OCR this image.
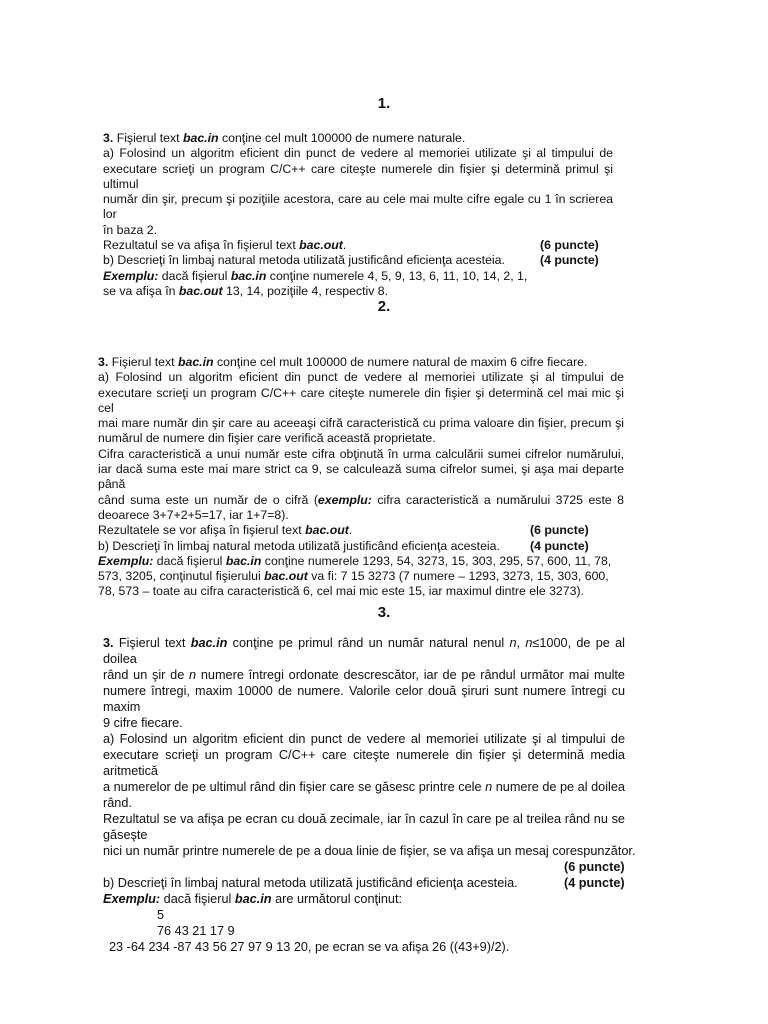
1.
3. Fişierul text bac.in conţine cel mult 100000 de numere naturale.
a) Folosind un algoritm eficient din punct de vedere al memoriei utilizate şi al timpului de
executare scrieţi un program C/C++ care citeşte numerele din fişier şi determină primul şi ultimul
număr din şir, precum şi poziţiile acestora, care au cele mai multe cifre egale cu 1 în scrierea lor
în baza 2.
Rezultatul se va afişa în fişierul text bac.out.	(6 puncte)
b) Descrieţi în limbaj natural metoda utilizată justificând eficienţa acesteia.	(4 puncte)
Exemplu: dacă fişierul bac.in conţine numerele 4, 5, 9, 13, 6, 11, 10, 14, 2, 1,
se va afişa în bac.out 13, 14, poziţiile 4, respectiv 8.
2.
3. Fişierul text bac.in conţine cel mult 100000 de numere natural de maxim 6 cifre fiecare.
a) Folosind un algoritm eficient din punct de vedere al memoriei utilizate şi al timpului de
executare scrieţi un program C/C++ care citeşte numerele din fişier şi determină cel mai mic şi cel
mai mare număr din şir care au aceeaşi cifră caracteristică cu prima valoare din fişier, precum şi
numărul de numere din fişier care verifică această proprietate.
Cifra caracteristică a unui număr este cifra obţinută în urma calculării sumei cifrelor numărului,
iar dacă suma este mai mare strict ca 9, se calculează suma cifrelor sumei, şi aşa mai departe până
când suma este un număr de o cifră (exemplu: cifra caracteristică a numărului 3725 este 8
deoarece 3+7+2+5=17, iar 1+7=8).
Rezultatele se vor afişa în fişierul text bac.out.	(6 puncte)
b) Descrieţi în limbaj natural metoda utilizată justificând eficienţa acesteia. (4 puncte)
Exemplu: dacă fişierul bac.in conţine numerele 1293, 54, 3273, 15, 303, 295, 57, 600, 11, 78,
573, 3205, conţinutul fişierului bac.out va fi: 7 15 3273 (7 numere – 1293, 3273, 15, 303, 600,
78, 573 – toate au cifra caracteristică 6, cel mai mic este 15, iar maximul dintre ele 3273).
3.
3. Fişierul text bac.in conţine pe primul rând un număr natural nenul n, n≤1000, de pe al doilea
rând un şir de n numere întregi ordonate descrescător, iar de pe rândul următor mai multe
numere întregi, maxim 10000 de numere. Valorile celor două şiruri sunt numere întregi cu maxim
9 cifre fiecare.
a) Folosind un algoritm eficient din punct de vedere al memoriei utilizate şi al timpului de
executare scrieţi un program C/C++ care citeşte numerele din fişier şi determină media aritmetică
a numerelor de pe ultimul rând din fişier care se găsesc printre cele n numere de pe al doilea rând.
Rezultatul se va afişa pe ecran cu două zecimale, iar în cazul în care pe al treilea rând nu se găseşte
nici un număr printre numerele de pe a doua linie de fişier, se va afişa un mesaj corespunzător.
(6 puncte)
b) Descrieţi în limbaj natural metoda utilizată justificând eficienţa acesteia.	(4 puncte)
Exemplu: dacă fişierul bac.in are următorul conţinut:
5
76 43 21 17 9
23 -64 234 -87 43 56 27 97 9 13 20, pe ecran se va afişa 26 ((43+9)/2).
